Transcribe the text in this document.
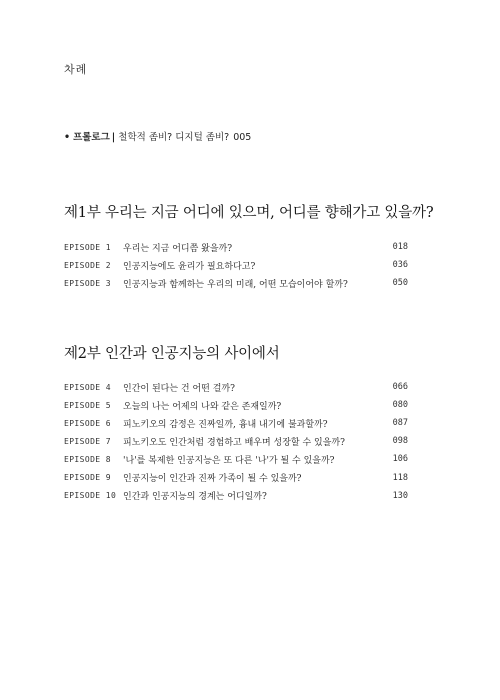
차례
• 프롤로그 | 철학적 좀비? 디지털 좀비? 005
제1부 우리는 지금 어디에 있으며, 어디를 향해가고 있을까?
EPISODE 1	우리는 지금 어디쯤 왔을까?	018
EPISODE 2	인공지능에도 윤리가 필요하다고?	036
EPISODE 3	인공지능과 함께하는 우리의 미래, 어떤 모습이어야 할까?	050
제2부 인간과 인공지능의 사이에서
EPISODE 4	인간이 된다는 건 어떤 걸까?	066
EPISODE 5	오늘의 나는 어제의 나와 같은 존재일까?	080
EPISODE 6	피노키오의 감정은 진짜일까, 흉내 내기에 불과할까?	087
EPISODE 7	피노키오도 인간처럼 경험하고 배우며 성장할 수 있을까?	098
EPISODE 8	'나'를 복제한 인공지능은 또 다른 '나'가 될 수 있을까?	106
EPISODE 9	인공지능이 인간과 진짜 가족이 될 수 있을까?	118
EPISODE 10 인간과 인공지능의 경계는 어디일까?	130
